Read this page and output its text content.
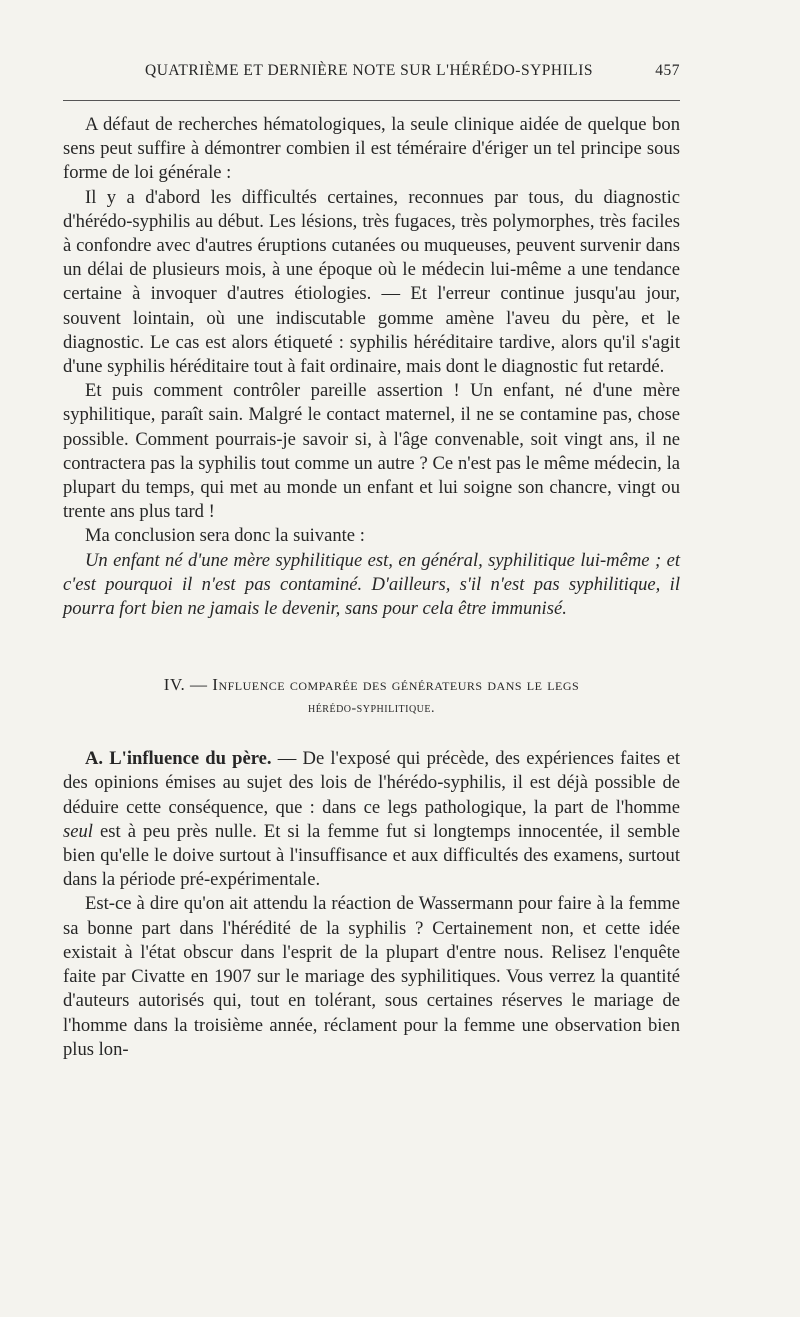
QUATRIÈME ET DERNIÈRE NOTE SUR L'HÉRÉDO-SYPHILIS	457

A défaut de recherches hématologiques, la seule clinique aidée de quelque bon sens peut suffire à démontrer combien il est téméraire d'ériger un tel principe sous forme de loi générale :

Il y a d'abord les difficultés certaines, reconnues par tous, du diagnostic d'hérédo-syphilis au début. Les lésions, très fugaces, très polymorphes, très faciles à confondre avec d'autres éruptions cutanées ou muqueuses, peuvent survenir dans un délai de plusieurs mois, à une époque où le médecin lui-même a une tendance certaine à invoquer d'autres étiologies. — Et l'erreur continue jusqu'au jour, souvent lointain, où une indiscutable gomme amène l'aveu du père, et le diagnostic. Le cas est alors étiqueté : syphilis héréditaire tardive, alors qu'il s'agit d'une syphilis héréditaire tout à fait ordinaire, mais dont le diagnostic fut retardé.

Et puis comment contrôler pareille assertion ! Un enfant, né d'une mère syphilitique, paraît sain. Malgré le contact maternel, il ne se contamine pas, chose possible. Comment pourrais-je savoir si, à l'âge convenable, soit vingt ans, il ne contractera pas la syphilis tout comme un autre ? Ce n'est pas le même médecin, la plupart du temps, qui met au monde un enfant et lui soigne son chancre, vingt ou trente ans plus tard !

Ma conclusion sera donc la suivante :

Un enfant né d'une mère syphilitique est, en général, syphilitique lui-même ; et c'est pourquoi il n'est pas contaminé. D'ailleurs, s'il n'est pas syphilitique, il pourra fort bien ne jamais le devenir, sans pour cela être immunisé.

IV. — Influence comparée des générateurs dans le legs
hérédo-syphilitique.

A. L'influence du père. — De l'exposé qui précède, des expériences faites et des opinions émises au sujet des lois de l'hérédo-syphilis, il est déjà possible de déduire cette conséquence, que : dans ce legs pathologique, la part de l'homme seul est à peu près nulle. Et si la femme fut si longtemps innocentée, il semble bien qu'elle le doive surtout à l'insuffisance et aux difficultés des examens, surtout dans la période pré-expérimentale.

Est-ce à dire qu'on ait attendu la réaction de Wassermann pour faire à la femme sa bonne part dans l'hérédité de la syphilis ? Certainement non, et cette idée existait à l'état obscur dans l'esprit de la plupart d'entre nous. Relisez l'enquête faite par Civatte en 1907 sur le mariage des syphilitiques. Vous verrez la quantité d'auteurs autorisés qui, tout en tolérant, sous certaines réserves le mariage de l'homme dans la troisième année, réclament pour la femme une observation bien plus lon-
